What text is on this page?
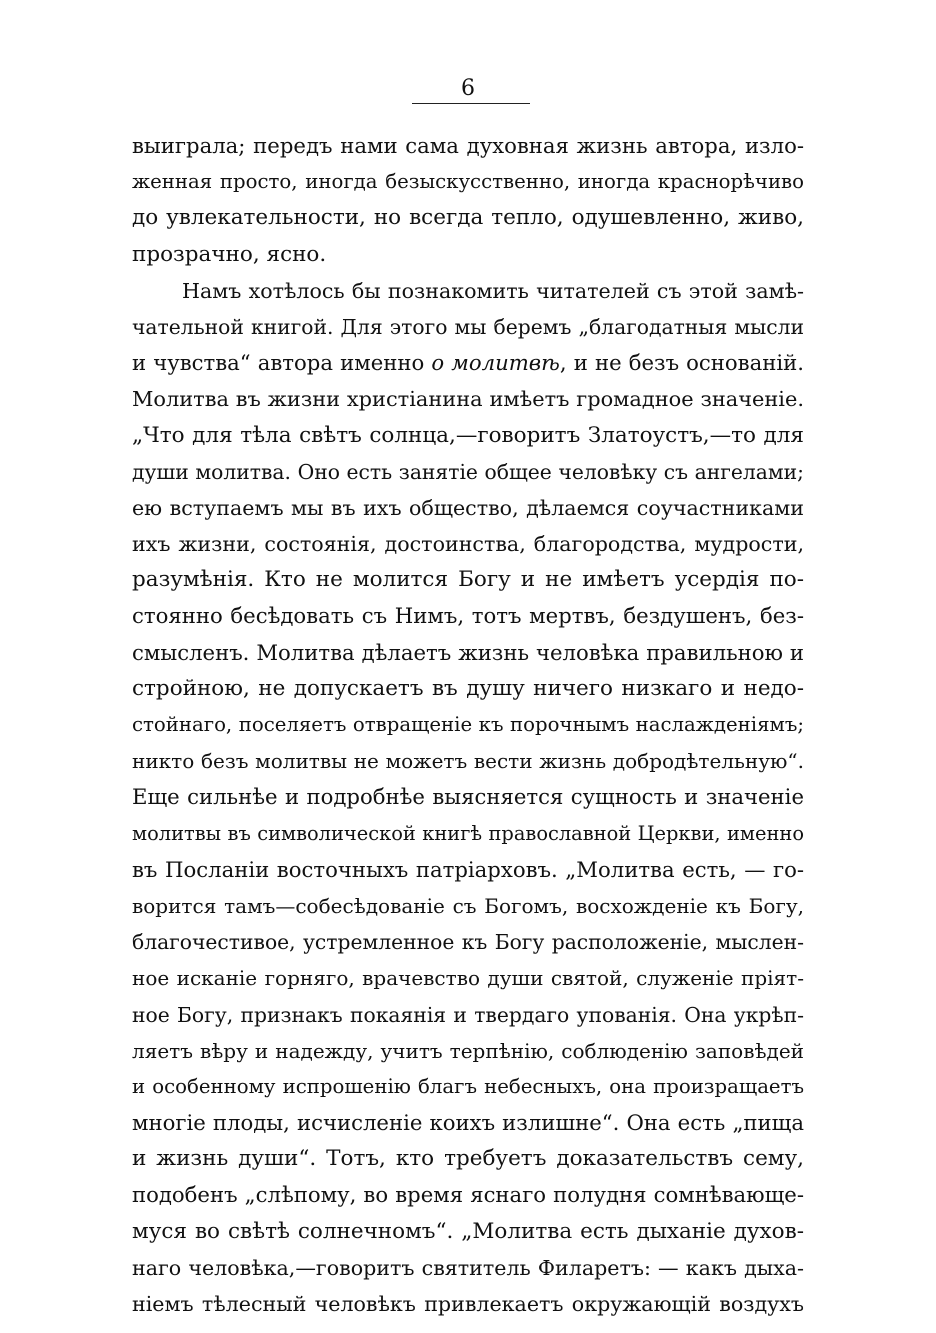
6

выиграла; передъ нами сама духовная жизнь автора, изло-
женная просто, иногда безыскусственно, иногда краснорѣчиво
до увлекательности, но всегда тепло, одушевленно, живо,
прозрачно, ясно.
Намъ хотѣлось бы познакомить читателей съ этой замѣ-
чательной книгой. Для этого мы беремъ „благодатныя мысли
и чувства“ автора именно о молитвѣ, и не безъ основаній.
Молитва въ жизни христіанина имѣетъ громадное значеніе.
„Что для тѣла свѣтъ солнца,—говоритъ Златоустъ,—то для
души молитва. Оно есть занятіе общее человѣку съ ангелами;
ею вступаемъ мы въ ихъ общество, дѣлаемся соучастниками
ихъ жизни, состоянія, достоинства, благородства, мудрости,
разумѣнія. Кто не молится Богу и не имѣетъ усердія по-
стоянно бесѣдовать съ Нимъ, тотъ мертвъ, бездушенъ, без-
смысленъ. Молитва дѣлаетъ жизнь человѣка правильною и
стройною, не допускаетъ въ душу ничего низкаго и недо-
стойнаго, поселяетъ отвращеніе къ порочнымъ наслажденіямъ;
никто безъ молитвы не можетъ вести жизнь добродѣтельную“.
Еще сильнѣе и подробнѣе выясняется сущность и значеніе
молитвы въ символической книгѣ православной Церкви, именно
въ Посланіи восточныхъ патріарховъ. „Молитва есть, — го-
ворится тамъ—собесѣдованіе съ Богомъ, восхожденіе къ Богу,
благочестивое, устремленное къ Богу расположеніе, мыслен-
ное исканіе горняго, врачевство души святой, служеніе пріят-
ное Богу, признакъ покаянія и твердаго упованія. Она укрѣп-
ляетъ вѣру и надежду, учитъ терпѣнію, соблюденію заповѣдей
и особенному испрошенію благъ небесныхъ, она произращаетъ
многіе плоды, исчисленіе коихъ излишне“. Она есть „пища
и жизнь души“. Тотъ, кто требуетъ доказательствъ сему,
подобенъ „слѣпому, во время яснаго полудня сомнѣвающе-
муся во свѣтѣ солнечномъ“. „Молитва есть дыханіе духов-
наго человѣка,—говоритъ святитель Филаретъ: — какъ дыха-
ніемъ тѣлесный человѣкъ привлекаетъ окружающій воздухъ
